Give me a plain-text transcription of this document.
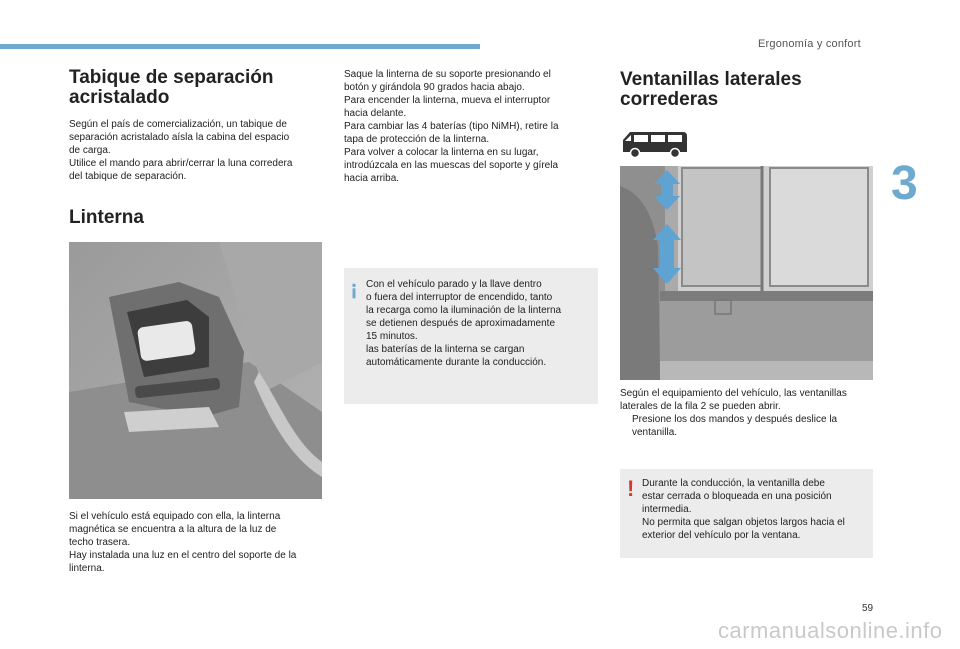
Ergonomía y confort
3
59
carmanualsonline.info
Tabique de separación
acristalado
Según el país de comercialización, un tabique de
separación acristalado aísla la cabina del espacio
de carga.
Utilice el mando para abrir/cerrar la luna corredera
del tabique de separación.
Linterna
Si el vehículo está equipado con ella, la linterna
magnética se encuentra a la altura de la luz de
techo trasera.
Hay instalada una luz en el centro del soporte de la
linterna.
Saque la linterna de su soporte presionando el
botón y girándola 90 grados hacia abajo.
Para encender la linterna, mueva el interruptor
hacia delante.
Para cambiar las 4 baterías (tipo NiMH), retire la
tapa de protección de la linterna.
Para volver a colocar la linterna en su lugar,
introdúzcala en las muescas del soporte y gírela
hacia arriba.
Con el vehículo parado y la llave dentro
o fuera del interruptor de encendido, tanto
la recarga como la iluminación de la linterna
se detienen después de aproximadamente
15 minutos.
las baterías de la linterna se cargan
automáticamente durante la conducción.
Ventanillas laterales
correderas
Según el equipamiento del vehículo, las ventanillas
laterales de la fila 2 se pueden abrir.
Presione los dos mandos y después deslice la
ventanilla.
! Durante la conducción, la ventanilla debe
estar cerrada o bloqueada en una posición
intermedia.
No permita que salgan objetos largos hacia el
exterior del vehículo por la ventana.
